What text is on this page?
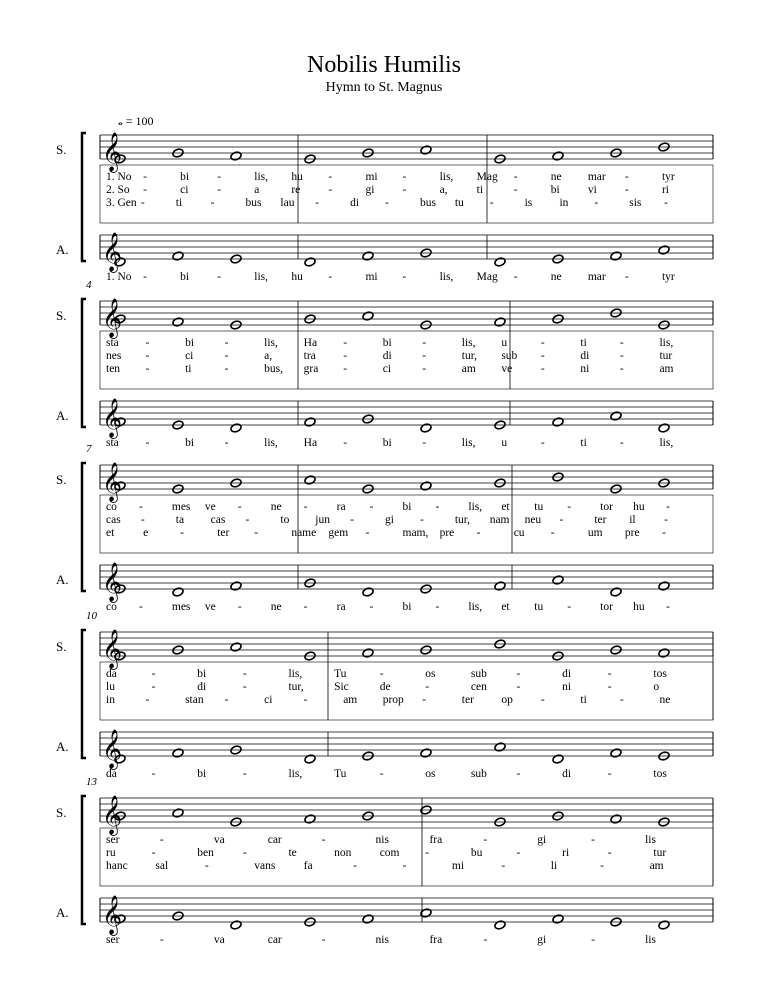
Nobilis Humilis
Hymn to St. Magnus
𝅝 = 100
𝄞
𝄞
𝄞
𝄞
𝄞
𝄞
𝄞
𝄞
𝄞
𝄞
S.
A.
1. No -	bi -	lis, hu -	mi -	lis, Mag -	ne mar -	tyr
2. So -	ci	-	a	re -	gi -	a,	ti	-	bi vi -	ri
3. Gen -	ti -	bus lau -	di -	bus tu -	is in -	sis -
1. No -	bi -	lis, hu -	mi -	lis, Mag -	ne mar -	tyr
S.
A.
4
sta -	bi	-	lis, Ha -	bi	-	lis, u	-	ti	-	lis,
nes -	ci	-	a,	tra -	di	-	tur, sub -	di	-	tur
ten -	ti	-	bus, gra -	ci	-	am ve -	ni	-	am
sta -	bi	-	lis, Ha -	bi	-	lis, u	-	ti	-	lis,
S.
A.
7
co -	mes ve -	ne -	ra -	bi -	lis, et tu -	tor hu -
cas -	ta cas -	to jun -	gi -	tur, nam neu -	ter il -
et	e	-	ter -	name gem -	mam, pre -	cu -	um pre -
co -	mes ve -	ne -	ra -	bi -	lis, et tu -	tor hu -
S.
A.
10
da	-	bi	-	lis,	Tu	-	os	sub	-	di	-	tos
lu	-	di	-	tur,	Sic	de	-	cen	-	ni	-	o
in	-	stan -	ci	-	am prop -	ter op -	ti	-	ne
da	-	bi	-	lis,	Tu	-	os	sub	-	di	-	tos
S.
A.
13
ser	-	va	car	-	nis	fra	-	gi	-	lis
ru	-	ben	-	te	non com -	bu	-	ri	-	tur
hanc sal	-	vans fa	-	-	mi	-	li	-	am
ser	-	va	car	-	nis	fra	-	gi	-	lis
